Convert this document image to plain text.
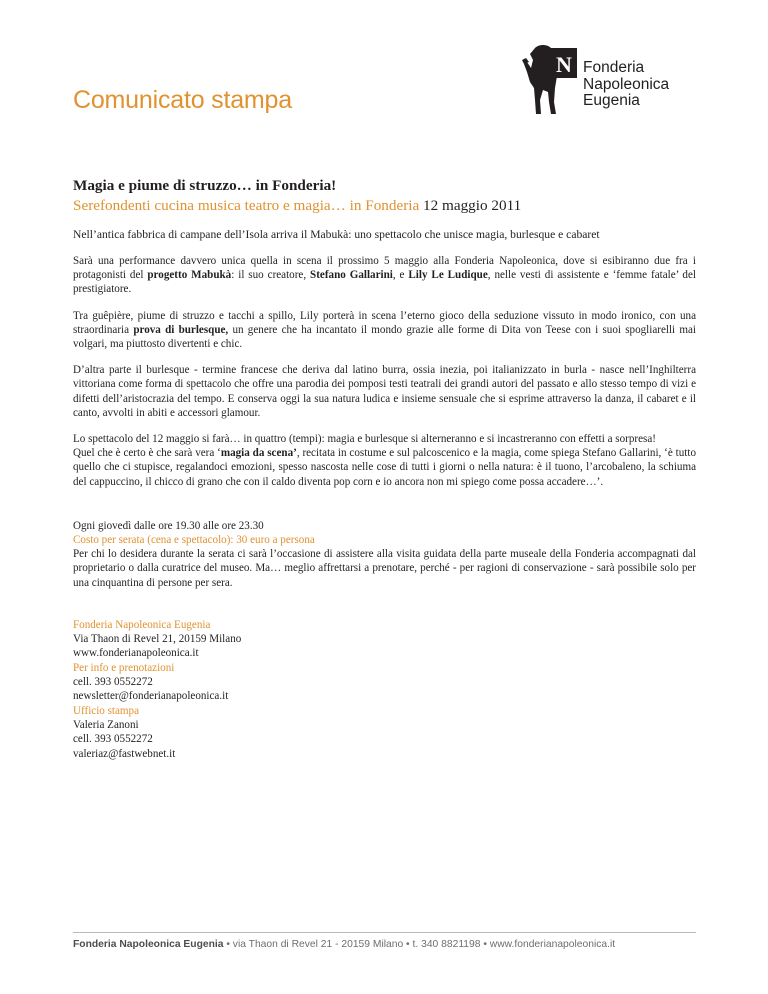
Comunicato stampa
N Fonderia
Napoleonica
Eugenia
Magia e piume di struzzo… in Fonderia!
Serefondenti cucina musica teatro e magia… in Fonderia 12 maggio 2011
Nell’antica fabbrica di campane dell’Isola arriva il Mabukà: uno spettacolo che unisce magia, burlesque e cabaret

Sarà una performance davvero unica quella in scena il prossimo 5 maggio alla Fonderia Napoleonica, dove si esibiranno due fra i protagonisti del progetto Mabukà: il suo creatore, Stefano Gallarini, e Lily Le Ludique, nelle vesti di assistente e ‘femme fatale’ del prestigiatore.

Tra guêpière, piume di struzzo e tacchi a spillo, Lily porterà in scena l’eterno gioco della seduzione vissuto in modo ironico, con una straordinaria prova di burlesque, un genere che ha incantato il mondo grazie alle forme di Dita von Teese con i suoi spogliarelli mai volgari, ma piuttosto divertenti e chic.

D’altra parte il burlesque - termine francese che deriva dal latino burra, ossia inezia, poi italianizzato in burla - nasce nell’Inghilterra vittoriana come forma di spettacolo che offre una parodia dei pomposi testi teatrali dei grandi autori del passato e allo stesso tempo di vizi e difetti dell’aristocrazia del tempo. E conserva oggi la sua natura ludica e insieme sensuale che si esprime attraverso la danza, il cabaret e il canto, avvolti in abiti e accessori glamour.

Lo spettacolo del 12 maggio si farà… in quattro (tempi): magia e burlesque si alterneranno e si incastreranno con effetti a sorpresa!
Quel che è certo è che sarà vera ‘magia da scena’, recitata in costume e sul palcoscenico e la magia, come spiega Stefano Gallarini, ‘è tutto quello che ci stupisce, regalandoci emozioni, spesso nascosta nelle cose di tutti i giorni o nella natura: è il tuono, l’arcobaleno, la schiuma del cappuccino, il chicco di grano che con il caldo diventa pop corn e io ancora non mi spiego come possa accadere…’.

Ogni giovedì dalle ore 19.30 alle ore 23.30
Costo per serata (cena e spettacolo): 30 euro a persona
Per chi lo desidera durante la serata ci sarà l’occasione di assistere alla visita guidata della parte museale della Fonderia accompagnati dal proprietario o dalla curatrice del museo. Ma… meglio affrettarsi a prenotare, perché - per ragioni di conservazione - sarà possibile solo per una cinquantina di persone per sera.
Fonderia Napoleonica Eugenia
Via Thaon di Revel 21, 20159 Milano
www.fonderianapoleonica.it
Per info e prenotazioni
cell. 393 0552272
newsletter@fonderianapoleonica.it
Ufficio stampa
Valeria Zanoni
cell. 393 0552272
valeriaz@fastwebnet.it
Fonderia Napoleonica Eugenia • via Thaon di Revel 21 - 20159 Milano • t. 340 8821198 • www.fonderianapoleonica.it
